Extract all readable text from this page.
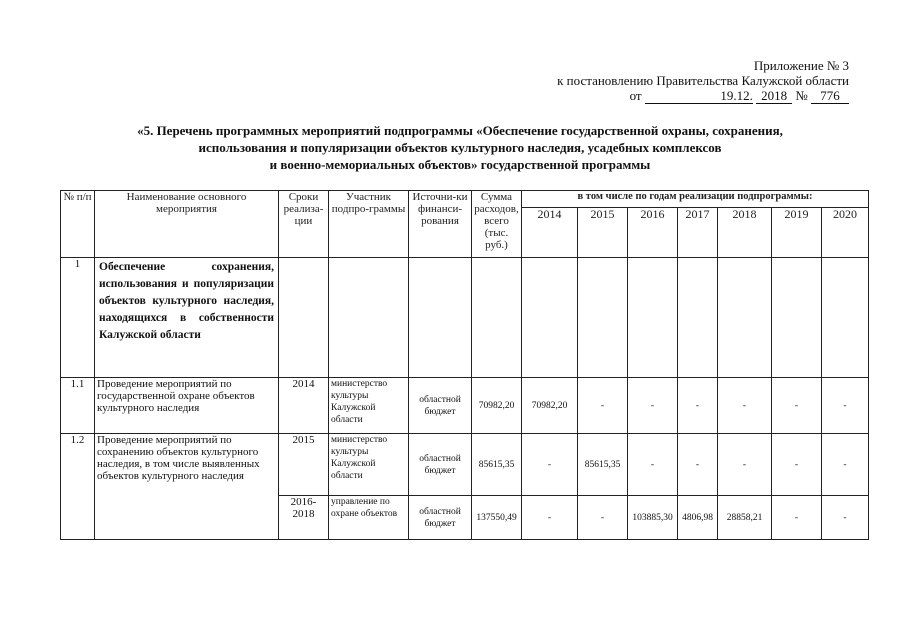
Приложение № 3
к постановлению Правительства Калужской области
от	19.12. 2018 № 776
«5. Перечень программных мероприятий подпрограммы «Обеспечение государственной охраны, сохранения,
использования и популяризации объектов культурного наследия, усадебных комплексов
и военно-мемориальных объектов» государственной программы
№ п/п	Наименование основного мероприятия	Сроки реализа-ции	Участник подпро-граммы	Источни-ки финанси-рования	Сумма расходов, всего (тыс. руб.)	в том числе по годам реализации подпрограммы:						
						2014	2015	2016	2017	2018	2019	2020
1	Обеспечение сохранения, использования и популяризации объектов культурного наследия, находящихся в собственности Калужской области											
1.1	Проведение мероприятий по государственной охране объектов культурного наследия	2014	министерство культуры Калужской области	областной бюджет	70982,20	70982,20	-	-	-	-	-	-
1.2	Проведение мероприятий по сохранению объектов культурного наследия, в том числе выявленных объектов культурного наследия	2015	министерство культуры Калужской области	областной бюджет	85615,35	-	85615,35	-	-	-	-	-
		2016-2018	управление по охране объектов	областной бюджет	137550,49	-	-	103885,30	4806,98	28858,21	-	-
